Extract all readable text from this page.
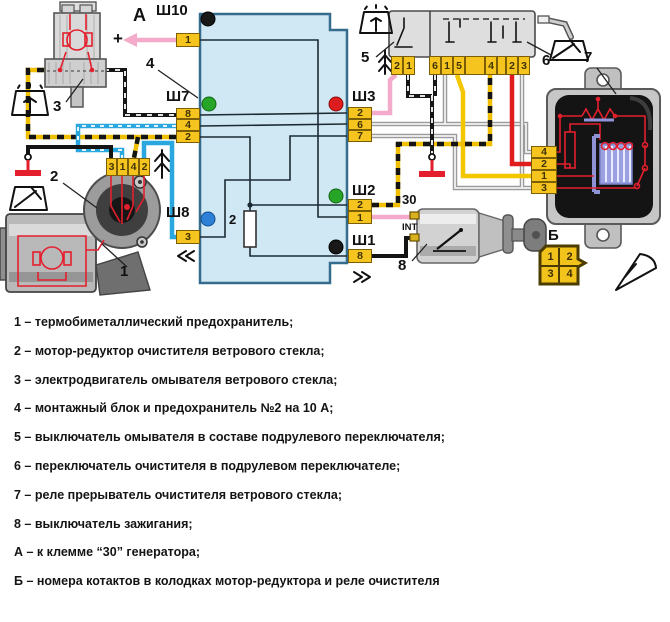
А
+
Ш10
Ш7
Ш8
Ш3
Ш2
Ш1
3
4
2
1
5	6 7
8
30
INT	Б
2
1
8
4
2
3
2
6
7
2
1
8
3 1 4 2
2 1 6 1 5 4 2 3
4
2
1
3
1	2
3	4
1 – термобиметаллический предохранитель;
2 – мотор-редуктор очистителя ветрового стекла;
3 – электродвигатель омывателя ветрового стекла;
4 – монтажный блок и предохранитель №2 на 10 А;
5 – выключатель омывателя в составе подрулевого переключателя;
6 – переключатель очистителя в подрулевом переключателе;
7 – реле прерыватель очистителя ветрового стекла;
8 – выключатель зажигания;
А – к клемме “30” генератора;
Б – номера котактов в колодках мотор-редуктора и реле очистителя
